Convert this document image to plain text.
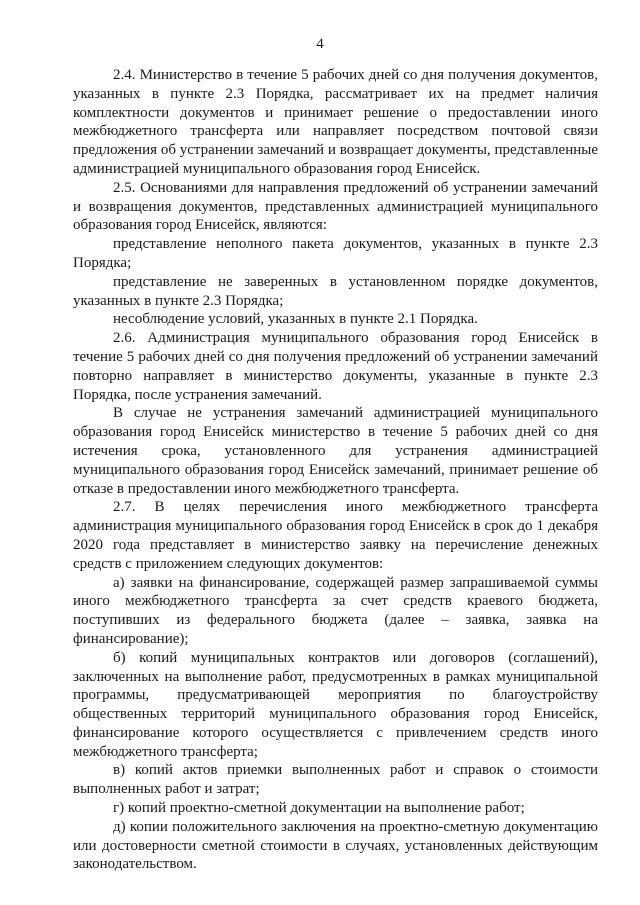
4

2.4. Министерство в течение 5 рабочих дней со дня получения документов, указанных в пункте 2.3 Порядка, рассматривает их на предмет наличия комплектности документов и принимает решение о предоставлении иного межбюджетного трансферта или направляет посредством почтовой связи предложения об устранении замечаний и возвращает документы, представленные администрацией муниципального образования город Енисейск.

2.5. Основаниями для направления предложений об устранении замечаний и возвращения документов, представленных администрацией муниципального образования город Енисейск, являются:

представление неполного пакета документов, указанных в пункте 2.3 Порядка;

представление не заверенных в установленном порядке документов, указанных в пункте 2.3 Порядка;

несоблюдение условий, указанных в пункте 2.1 Порядка.

2.6. Администрация муниципального образования город Енисейск в течение 5 рабочих дней со дня получения предложений об устранении замечаний повторно направляет в министерство документы, указанные в пункте 2.3 Порядка, после устранения замечаний.

В случае не устранения замечаний администрацией муниципального образования город Енисейск министерство в течение 5 рабочих дней со дня истечения срока, установленного для устранения администрацией муниципального образования город Енисейск замечаний, принимает решение об отказе в предоставлении иного межбюджетного трансферта.

2.7. В целях перечисления иного межбюджетного трансферта администрация муниципального образования город Енисейск в срок до 1 декабря 2020 года представляет в министерство заявку на перечисление денежных средств с приложением следующих документов:

а) заявки на финансирование, содержащей размер запрашиваемой суммы иного межбюджетного трансферта за счет средств краевого бюджета, поступивших из федерального бюджета (далее – заявка, заявка на финансирование);

б) копий муниципальных контрактов или договоров (соглашений), заключенных на выполнение работ, предусмотренных в рамках муниципальной программы, предусматривающей мероприятия по благоустройству общественных территорий муниципального образования город Енисейск, финансирование которого осуществляется с привлечением средств иного межбюджетного трансферта;

в) копий актов приемки выполненных работ и справок о стоимости выполненных работ и затрат;

г) копий проектно-сметной документации на выполнение работ;

д) копии положительного заключения на проектно-сметную документацию или достоверности сметной стоимости в случаях, установленных действующим законодательством.
